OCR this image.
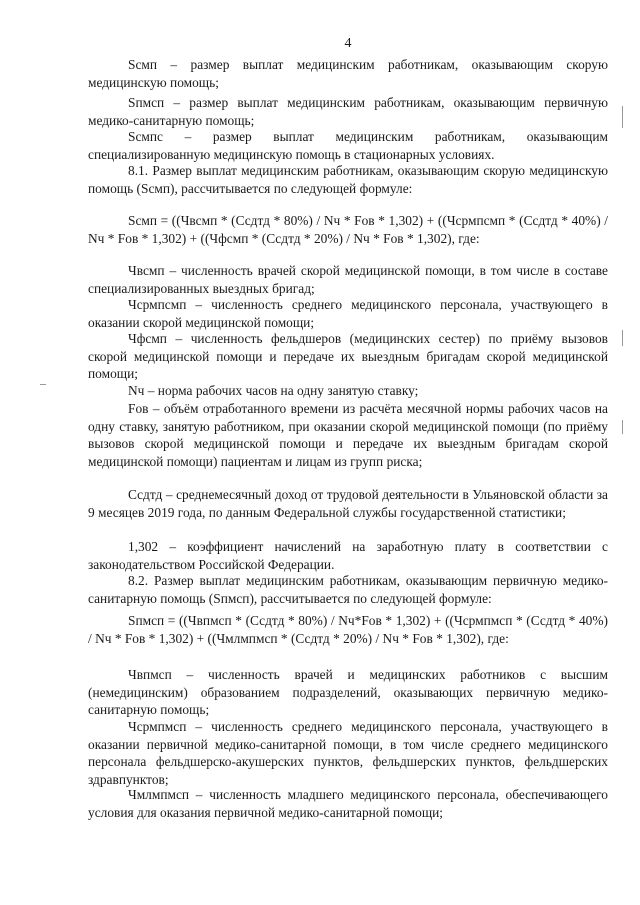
4
Sсмп – размер выплат медицинским работникам, оказывающим скорую медицинскую помощь;
Sпмсп – размер выплат медицинским работникам, оказывающим первичную медико-санитарную помощь;
Sсмпс – размер выплат медицинским работникам, оказывающим специализированную медицинскую помощь в стационарных условиях.
8.1. Размер выплат медицинским работникам, оказывающим скорую медицинскую помощь (Sсмп), рассчитывается по следующей формуле:
Sсмп = ((Чвсмп * (Ссдтд * 80%) / Nч * Fов * 1,302) + ((Чсрмпсмп * (Сcдтд * 40%) / Nч * Fов * 1,302) + ((Чфсмп * (Ссдтд * 20%) / Nч * Fов * 1,302), где:
Чвсмп – численность врачей скорой медицинской помощи, в том числе в составе специализированных выездных бригад;
Чсрмпсмп – численность среднего медицинского персонала, участвующего в оказании скорой медицинской помощи;
Чфсмп – численность фельдшеров (медицинских сестер) по приёму вызовов скорой медицинской помощи и передаче их выездным бригадам скорой медицинской помощи;
Nч – норма рабочих часов на одну занятую ставку;
Fов – объём отработанного времени из расчёта месячной нормы рабочих часов на одну ставку, занятую работником, при оказании скорой медицинской помощи (по приёму вызовов скорой медицинской помощи и передаче их выездным бригадам скорой медицинской помощи) пациентам и лицам из групп риска;
Ссдтд – среднемесячный доход от трудовой деятельности в Ульяновской области за 9 месяцев 2019 года, по данным Федеральной службы государственной статистики;
1,302 – коэффициент начислений на заработную плату в соответствии с законодательством Российской Федерации.
8.2. Размер выплат медицинским работникам, оказывающим первичную медико-санитарную помощь (Sпмсп), рассчитывается по следующей формуле:
Sпмсп = ((Чвпмсп * (Ссдтд * 80%) / Nч*Fов * 1,302) + ((Чсрмпмсп * (Ссдтд * 40%) / Nч * Fов * 1,302) + ((Чмлмпмсп * (Ссдтд * 20%) / Nч * Fов * 1,302), где:
Чвпмсп – численность врачей и медицинских работников с высшим (немедицинским) образованием подразделений, оказывающих первичную медико-санитарную помощь;
Чсрмпмсп – численность среднего медицинского персонала, участвующего в оказании первичной медико-санитарной помощи, в том числе среднего медицинского персонала фельдшерско-акушерских пунктов, фельдшерских пунктов, фельдшерских здравпунктов;
Чмлмпмсп – численность младшего медицинского персонала, обеспечивающего условия для оказания первичной медико-санитарной помощи;
